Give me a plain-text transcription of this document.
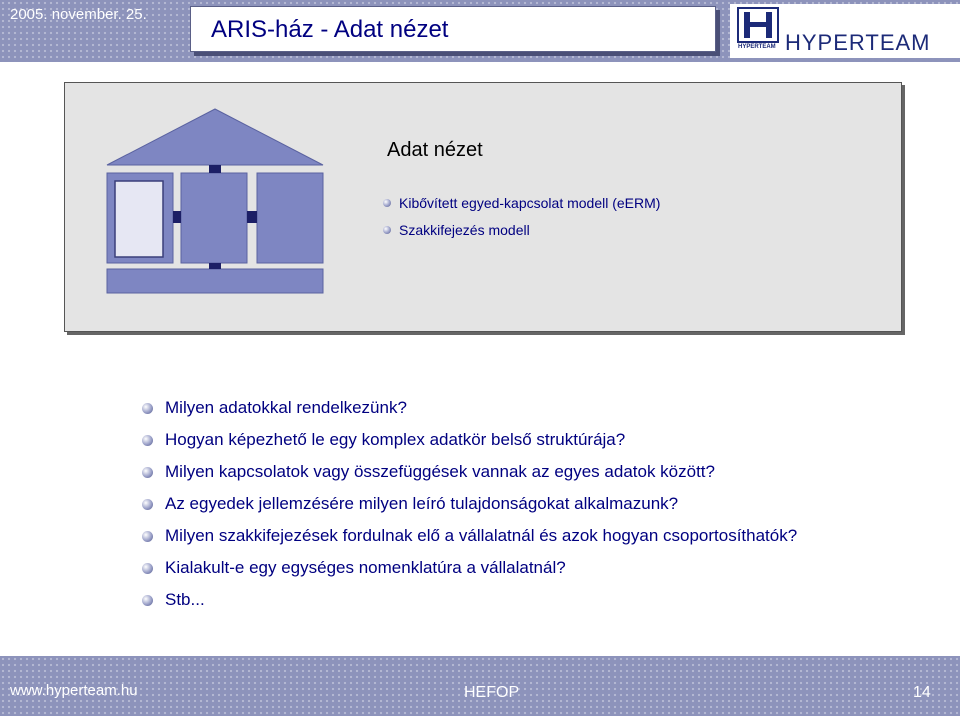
2005. november. 25.
ARIS-ház - Adat nézet
HYPERTEAM HYPERTEAM
Adat nézet
Kibővített egyed-kapcsolat modell (eERM)
Szakkifejezés modell
Milyen adatokkal rendelkezünk?
Hogyan képezhető le egy komplex adatkör belső struktúrája?
Milyen kapcsolatok vagy összefüggések vannak az egyes adatok között?
Az egyedek jellemzésére milyen leíró tulajdonságokat alkalmazunk?
Milyen szakkifejezések fordulnak elő a vállalatnál és azok hogyan csoportosíthatók?
Kialakult-e egy egységes nomenklatúra a vállalatnál?
Stb...
www.hyperteam.hu	HEFOP	14
